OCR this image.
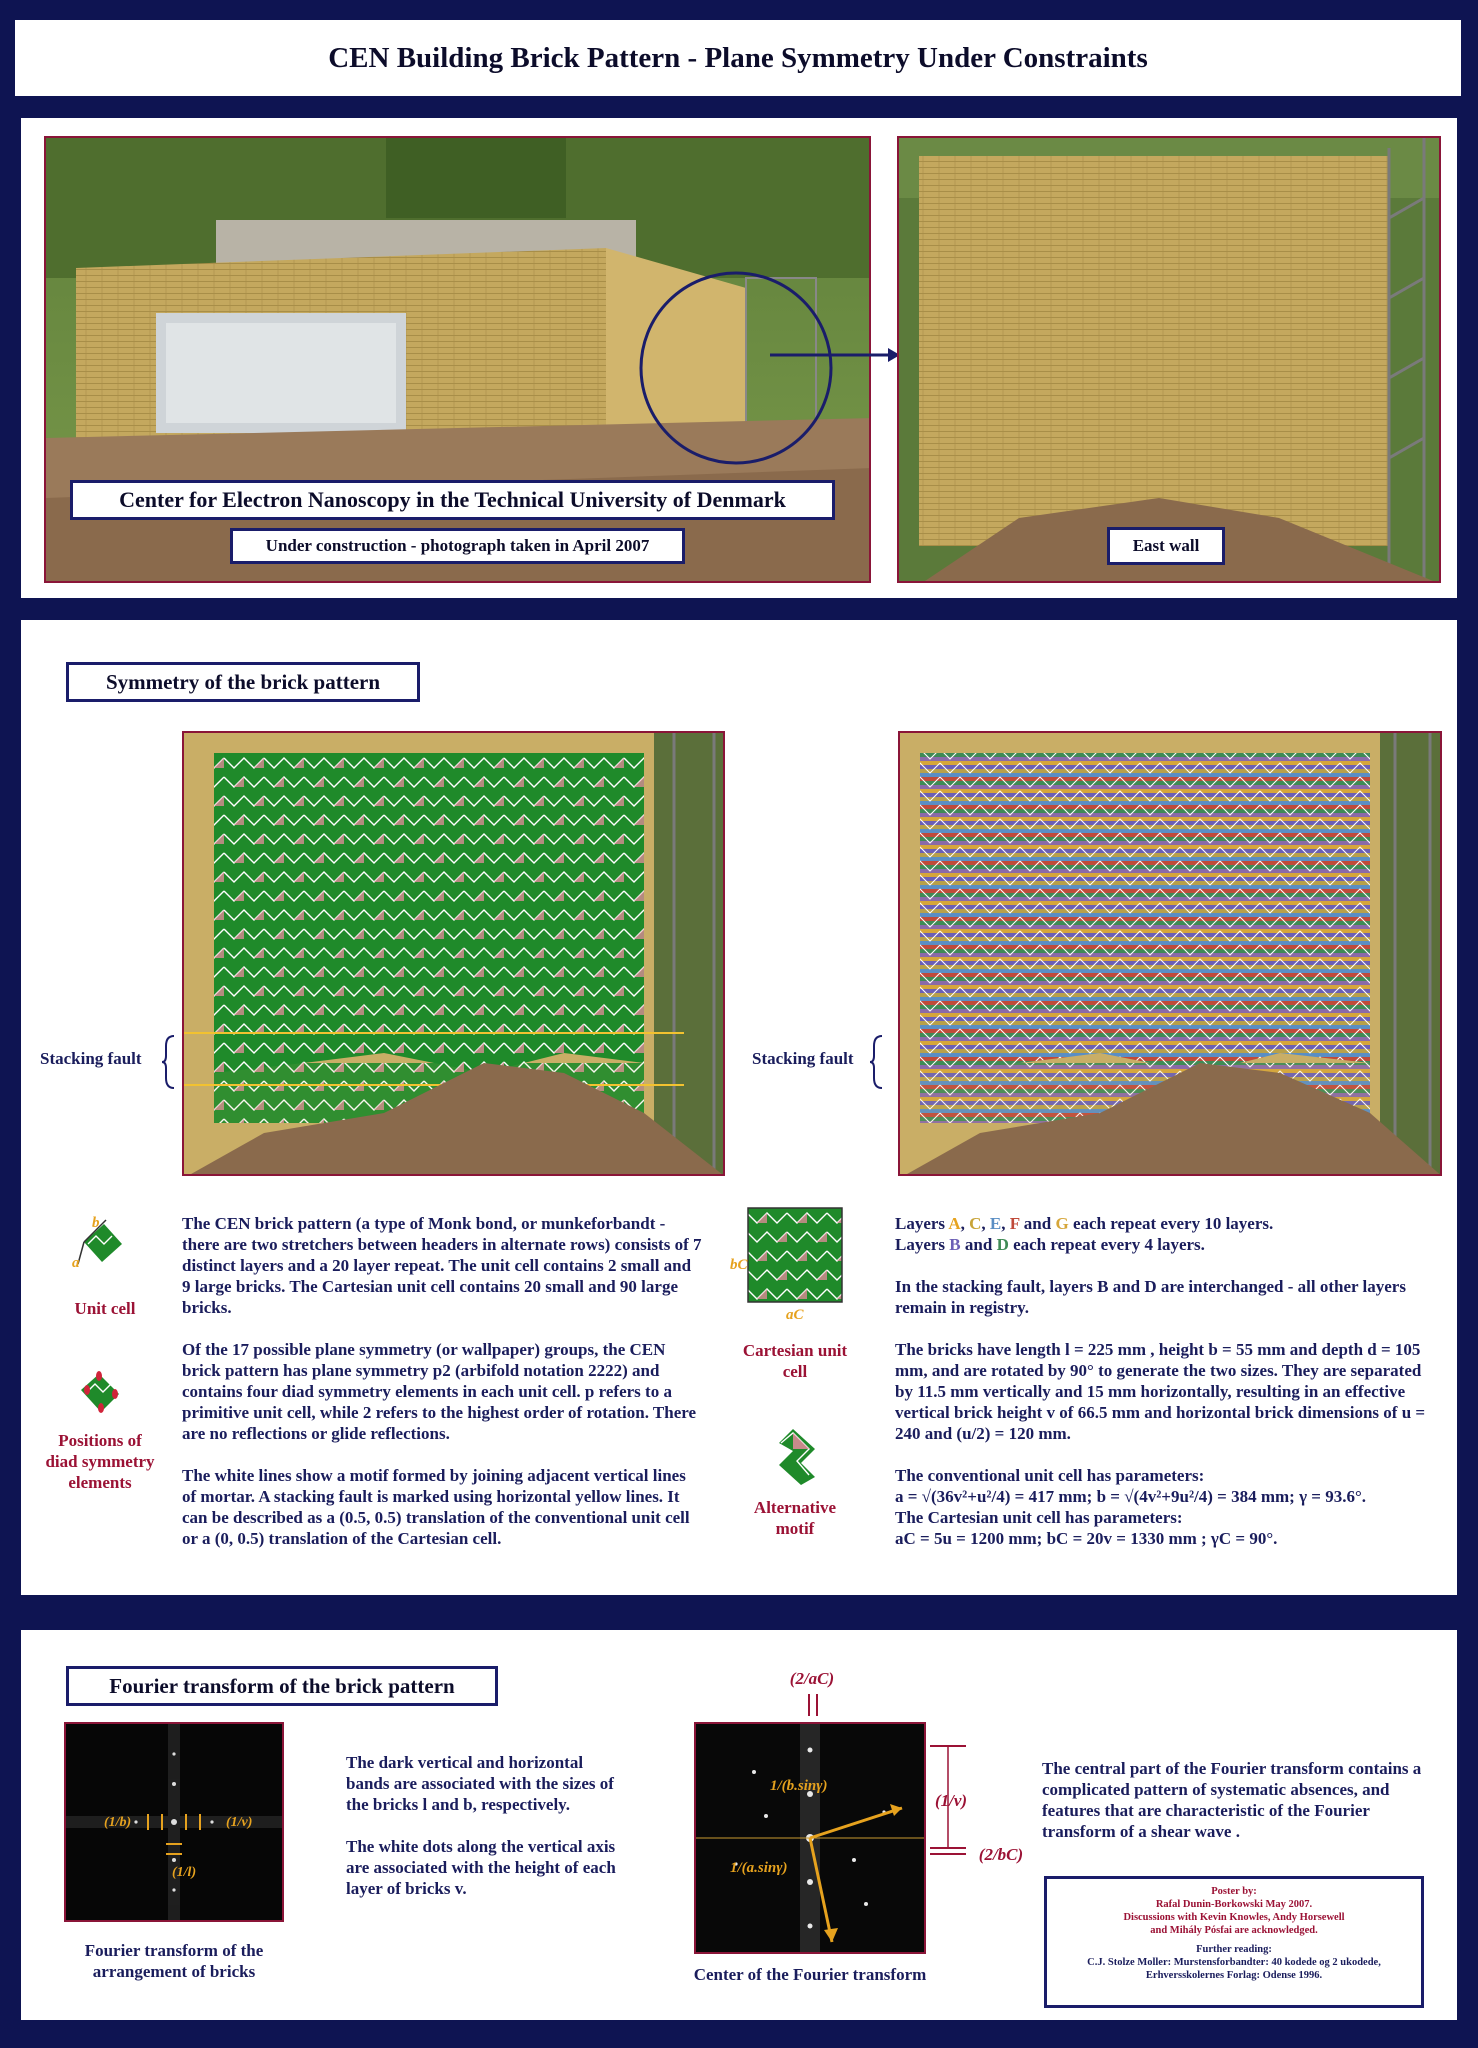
CEN Building Brick Pattern - Plane Symmetry Under Constraints
Center for Electron Nanoscopy in the Technical University of Denmark
Under construction - photograph taken in April 2007	East wall
Symmetry of the brick pattern
Stacking fault	Stacking fault
b
a
Unit cell
Positions of diad symmetry elements

The CEN brick pattern (a type of Monk bond, or munkeforbandt - there are two stretchers between headers in alternate rows) consists of 7 distinct layers and a 20 layer repeat. The unit cell contains 2 small and 9 large bricks. The Cartesian unit cell contains 20 small and 90 large bricks.

Of the 17 possible plane symmetry (or wallpaper) groups, the CEN brick pattern has plane symmetry p2 (arbifold notation 2222) and contains four diad symmetry elements in each unit cell. p refers to a primitive unit cell, while 2 refers to the highest order of rotation. There are no reflections or glide reflections.

The white lines show a motif formed by joining adjacent vertical lines of mortar. A stacking fault is marked using horizontal yellow lines. It can be described as a (0.5, 0.5) translation of the conventional unit cell or a (0, 0.5) translation of the Cartesian cell.

bC
aC
Cartesian unit cell
Alternative motif
Layers A, C, E, F and G each repeat every 10 layers.
Layers B and D each repeat every 4 layers.

In the stacking fault, layers B and D are interchanged - all other layers remain in registry.

The bricks have length l = 225 mm , height b = 55 mm and depth d = 105 mm, and are rotated by 90° to generate the two sizes. They are separated by 11.5 mm vertically and 15 mm horizontally, resulting in an effective vertical brick height v of 66.5 mm and horizontal brick dimensions of u = 240 and (u/2) = 120 mm.

The conventional unit cell has parameters:
a = √(36v²+u²/4) = 417 mm; b = √(4v²+9u²/4) = 384 mm; γ = 93.6°.
The Cartesian unit cell has parameters:
aC = 5u = 1200 mm; bC = 20v = 1330 mm ; γC = 90°.
Fourier transform of the brick pattern
(1/b)	(1/v)
(1/l)
Fourier transform of the arrangement of bricks

The dark vertical and horizontal bands are associated with the sizes of the bricks l and b, respectively.

The white dots along the vertical axis are associated with the height of each layer of bricks v.

(2/aC)
1/(b.sinγ)
1/(a.sinγ)
(1/v)
(2/bC)
Center of the Fourier transform
The central part of the Fourier transform contains a complicated pattern of systematic absences, and features that are characteristic of the Fourier transform of a shear wave .
Poster by:
Rafal Dunin-Borkowski May 2007.
Discussions with Kevin Knowles, Andy Horsewell
and Mihály Pósfai are acknowledged.
Further reading:
C.J. Stolze Moller: Murstensforbandter: 40 kodede og 2 ukodede,
Erhversskolernes Forlag: Odense 1996.
